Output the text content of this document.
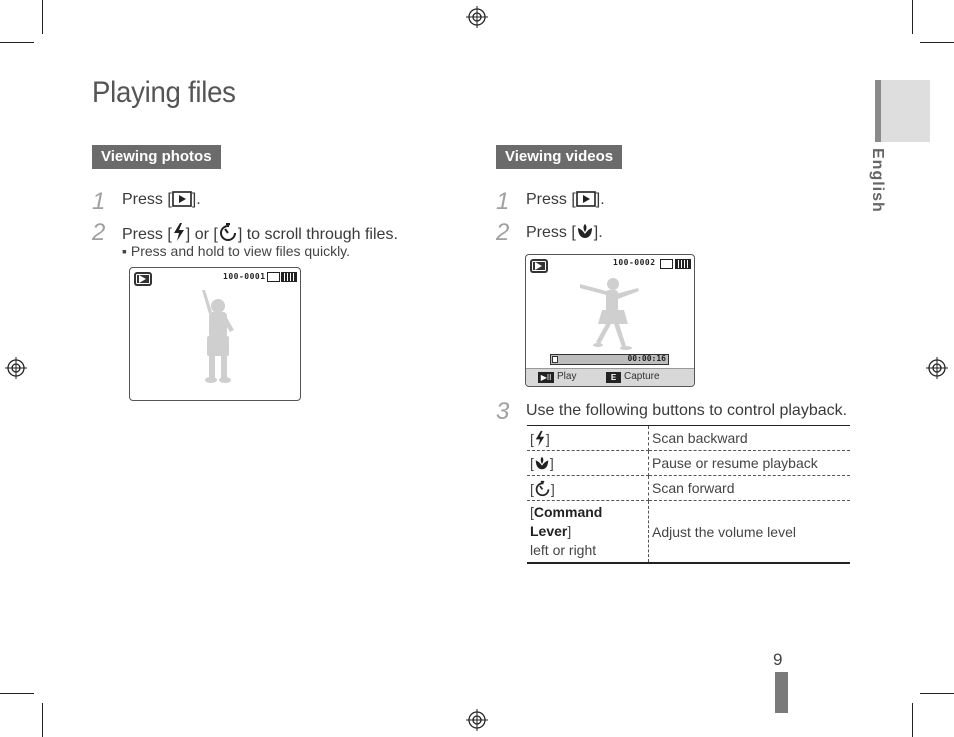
Playing files
English
Viewing photos
1	Press [ ].
2	Press [ ] or [ ] to scroll through files.
▪ Press and hold to view files quickly.
100-0001
Viewing videos
1	Press [ ].
2	Press [ ].
100-0002
00:00:16
▶II Play	E Capture
3	Use the following buttons to control playback.
[ ]	Scan backward
[ ]	Pause or resume playback
[ ]	Scan forward
[Command Lever]
left or right	Adjust the volume level
9
